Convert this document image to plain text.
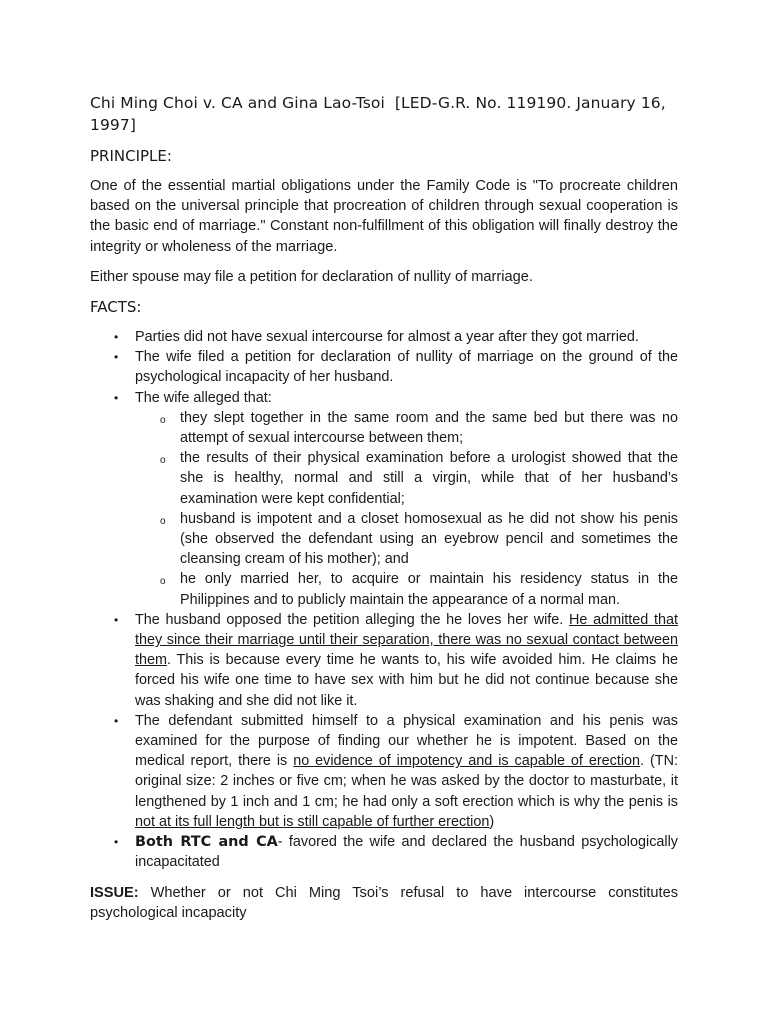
Chi Ming Choi v. CA and Gina Lao-Tsoi [LED-G.R. No. 119190. January 16, 1997]
PRINCIPLE:

One of the essential martial obligations under the Family Code is "To procreate children based on the universal principle that procreation of children through sexual cooperation is the basic end of marriage." Constant non-fulfillment of this obligation will finally destroy the integrity or wholeness of the marriage.

Either spouse may file a petition for declaration of nullity of marriage.

FACTS:
• Parties did not have sexual intercourse for almost a year after they got married.
• The wife filed a petition for declaration of nullity of marriage on the ground of the psychological incapacity of her husband.
• The wife alleged that:
o they slept together in the same room and the same bed but there was no attempt of sexual intercourse between them;
o the results of their physical examination before a urologist showed that the she is healthy, normal and still a virgin, while that of her husband’s examination were kept confidential;
o husband is impotent and a closet homosexual as he did not show his penis (she observed the defendant using an eyebrow pencil and sometimes the cleansing cream of his mother); and
o he only married her, to acquire or maintain his residency status in the Philippines and to publicly maintain the appearance of a normal man.
• The husband opposed the petition alleging the he loves her wife. He admitted that they since their marriage until their separation, there was no sexual contact between them. This is because every time he wants to, his wife avoided him. He claims he forced his wife one time to have sex with him but he did not continue because she was shaking and she did not like it.
• The defendant submitted himself to a physical examination and his penis was examined for the purpose of finding our whether he is impotent. Based on the medical report, there is no evidence of impotency and is capable of erection. (TN: original size: 2 inches or five cm; when he was asked by the doctor to masturbate, it lengthened by 1 inch and 1 cm; he had only a soft erection which is why the penis is not at its full length but is still capable of further erection)
• Both RTC and CA- favored the wife and declared the husband psychologically incapacitated

ISSUE: Whether or not Chi Ming Tsoi’s refusal to have intercourse constitutes psychological incapacity
